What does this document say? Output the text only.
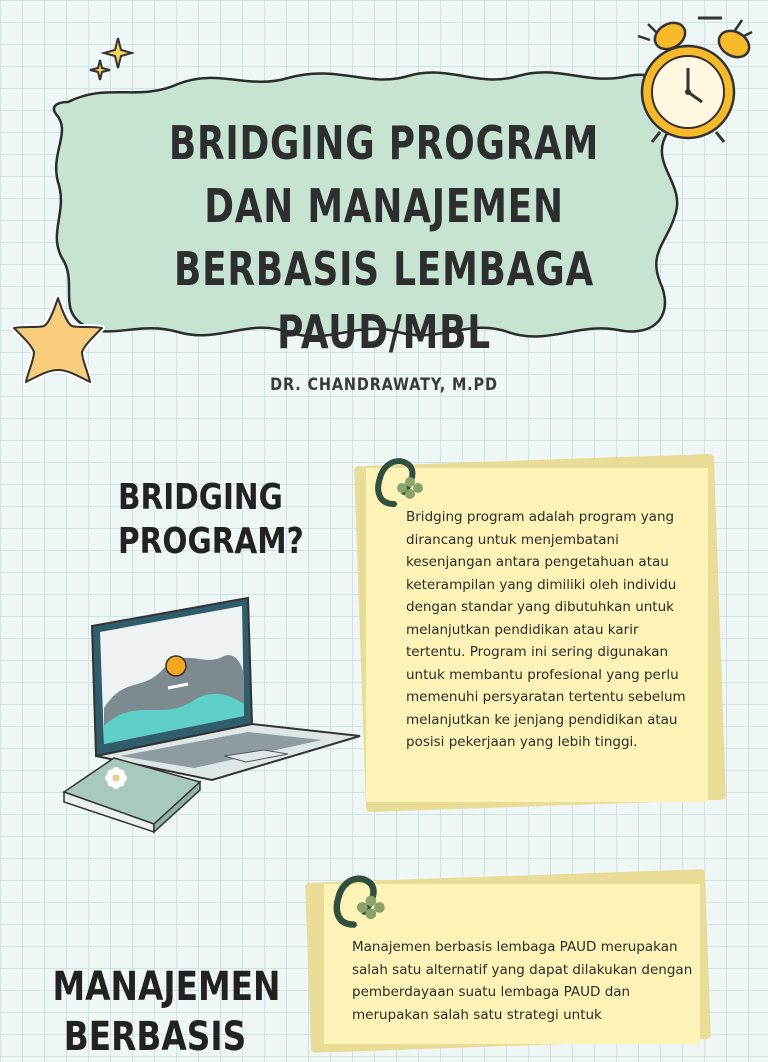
BRIDGING PROGRAM DAN MANAJEMEN BERBASIS LEMBAGA PAUD/MBL
DR. CHANDRAWATY, M.PD
BRIDGING PROGRAM?
Bridging program adalah program yang dirancang untuk menjembatani kesenjangan antara pengetahuan atau keterampilan yang dimiliki oleh individu dengan standar yang dibutuhkan untuk melanjutkan pendidikan atau karir tertentu. Program ini sering digunakan untuk membantu profesional yang perlu memenuhi persyaratan tertentu sebelum melanjutkan ke jenjang pendidikan atau posisi pekerjaan yang lebih tinggi.
Manajemen berbasis lembaga PAUD merupakan salah satu alternatif yang dapat dilakukan dengan pemberdayaan suatu lembaga PAUD dan merupakan salah satu strategi untuk
MANAJEMEN BERBASIS
